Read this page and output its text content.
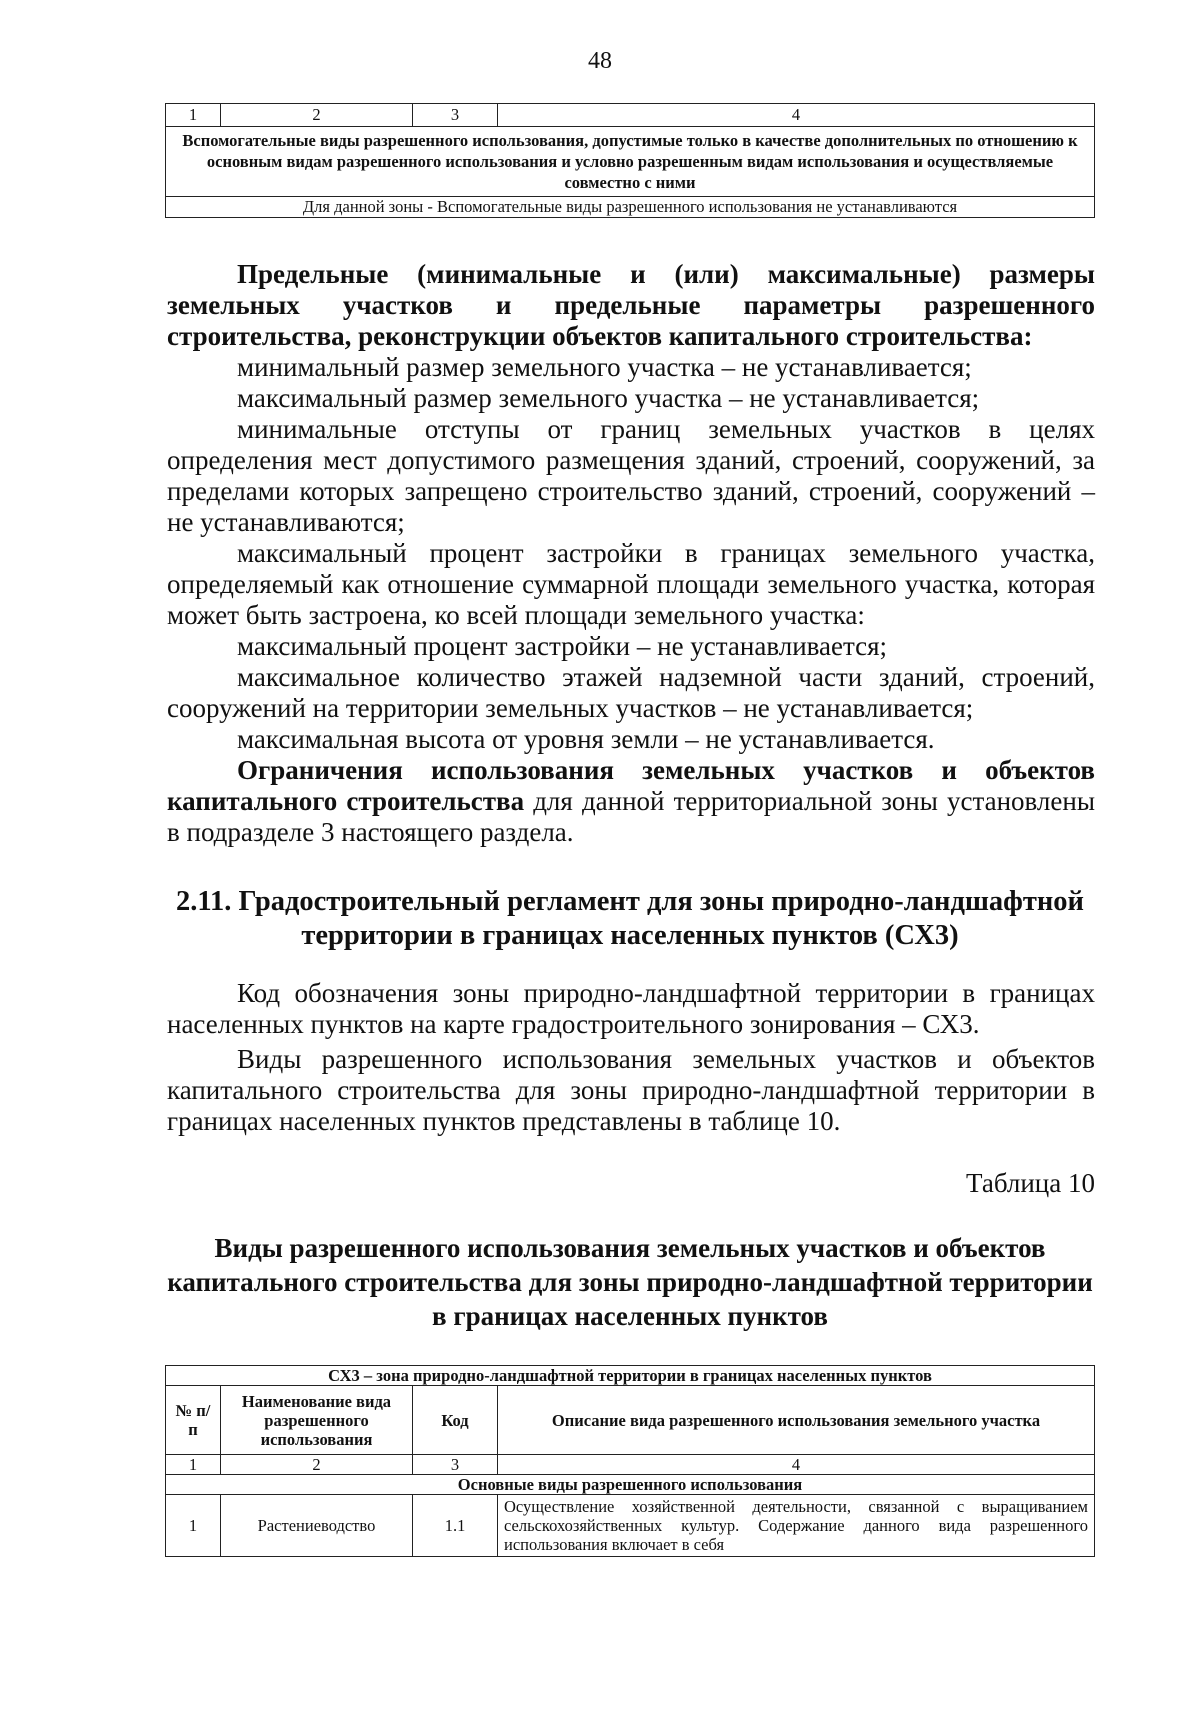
48
1	2	3	4
Вспомогательные виды разрешенного использования, допустимые только в качестве дополнительных по отношению к основным видам разрешенного использования и условно разрешенным видам использования и осуществляемые совместно с ними
Для данной зоны - Вспомогательные виды разрешенного использования не устанавливаются

Предельные (минимальные и (или) максимальные) размеры земельных участков и предельные параметры разрешенного строительства, реконструкции объектов капитального строительства:

минимальный размер земельного участка – не устанавливается;

максимальный размер земельного участка – не устанавливается;

минимальные отступы от границ земельных участков в целях определения мест допустимого размещения зданий, строений, сооружений, за пределами которых запрещено строительство зданий, строений, сооружений – не устанавливаются;

максимальный процент застройки в границах земельного участка, определяемый как отношение суммарной площади земельного участка, которая может быть застроена, ко всей площади земельного участка:

максимальный процент застройки – не устанавливается;

максимальное количество этажей надземной части зданий, строений, сооружений на территории земельных участков – не устанавливается;

максимальная высота от уровня земли – не устанавливается.

Ограничения использования земельных участков и объектов капитального строительства для данной территориальной зоны установлены в подразделе 3 настоящего раздела.

2.11. Градостроительный регламент для зоны природно-ландшафтной территории в границах населенных пунктов (СХ3)

Код обозначения зоны природно-ландшафтной территории в границах населенных пунктов на карте градостроительного зонирования – СХ3.

Виды разрешенного использования земельных участков и объектов капитального строительства для зоны природно-ландшафтной территории в границах населенных пунктов представлены в таблице 10.

Таблица 10
Виды разрешенного использования земельных участков и объектов капитального строительства для зоны природно-ландшафтной территории в границах населенных пунктов
СХ3 – зона природно-ландшафтной территории в границах населенных пунктов			
№ п/п	Наименование вида разрешенного использования	Код	Описание вида разрешенного использования земельного участка
1	2	3	4
Основные виды разрешенного использования			
1	Растениеводство	1.1	Осуществление хозяйственной деятельности, связанной с выращиванием сельскохозяйственных культур. Содержание данного вида разрешенного использования включает в себя
